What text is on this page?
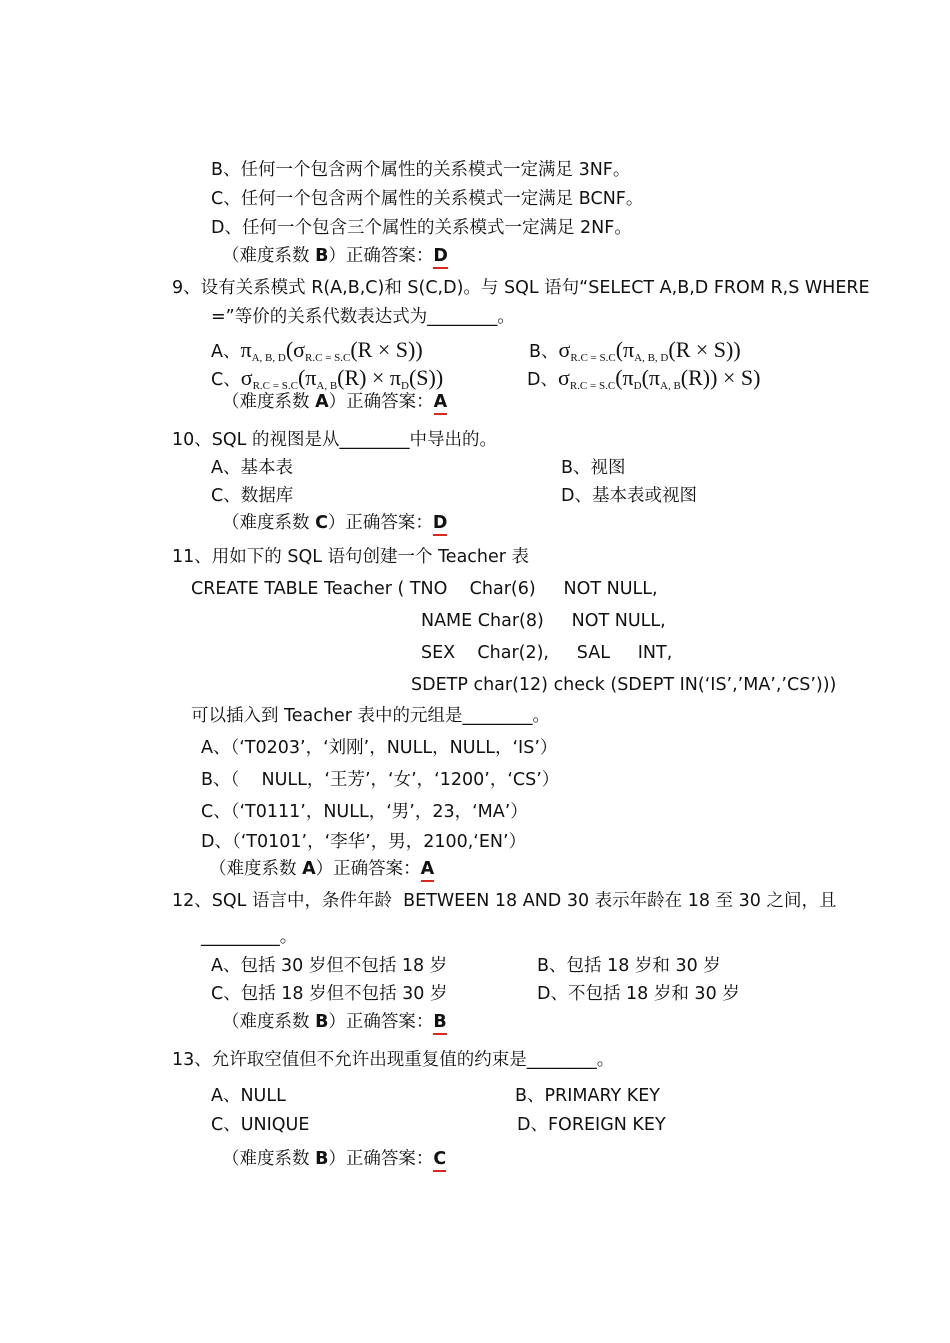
B、任何一个包含两个属性的关系模式一定满足 3NF。
C、任何一个包含两个属性的关系模式一定满足 BCNF。
D、任何一个包含三个属性的关系模式一定满足 2NF。
（难度系数 B）正确答案：D
9、设有关系模式 R(A,B,C)和 S(C,D)。与 SQL 语句“SELECT A,B,D FROM R,S WHERE
=”等价的关系代数表达式为________。
A、$\pi_{A, B, D}(\sigma_{R.C = S.C}(R \times S))$	B、$\sigma_{R.C = S.C}(\pi_{A, B, D}(R \times S))$
C、$\sigma_{R.C = S.C}(\pi_{A, B}(R) \times \pi_D(S))$	D、$\sigma_{R.C = S.C}(\pi_D(\pi_{A, B}(R)) \times S)$
（难度系数 A）正确答案：A
10、SQL 的视图是从________中导出的。
A、基本表	B、视图
C、数据库	D、基本表或视图
（难度系数 C）正确答案：D
11、用如下的 SQL 语句创建一个 Teacher 表
CREATE TABLE Teacher ( TNO    Char(6)     NOT NULL,
NAME Char(8)     NOT NULL,
SEX    Char(2),     SAL     INT,
SDETP char(12) check (SDEPT IN(‘IS’,’MA’,’CS’)))
可以插入到 Teacher 表中的元组是________。
A、（‘T0203’，‘刘刚’，NULL，NULL，‘IS’）
B、（    NULL，‘王芳’，‘女’，‘1200’，‘CS’）
C、（‘T0111’，NULL，‘男’，23，‘MA’）
D、（‘T0101’，‘李华’，男，2100,‘EN’）
（难度系数 A）正确答案：A
12、SQL 语言中，条件年龄  BETWEEN 18 AND 30 表示年龄在 18 至 30 之间，且
_________。
A、包括 30 岁但不包括 18 岁	B、包括 18 岁和 30 岁
C、包括 18 岁但不包括 30 岁	D、不包括 18 岁和 30 岁
（难度系数 B）正确答案：B
13、允许取空值但不允许出现重复值的约束是________。
A、NULL	B、PRIMARY KEY
C、UNIQUE	D、FOREIGN KEY
（难度系数 B）正确答案：C
